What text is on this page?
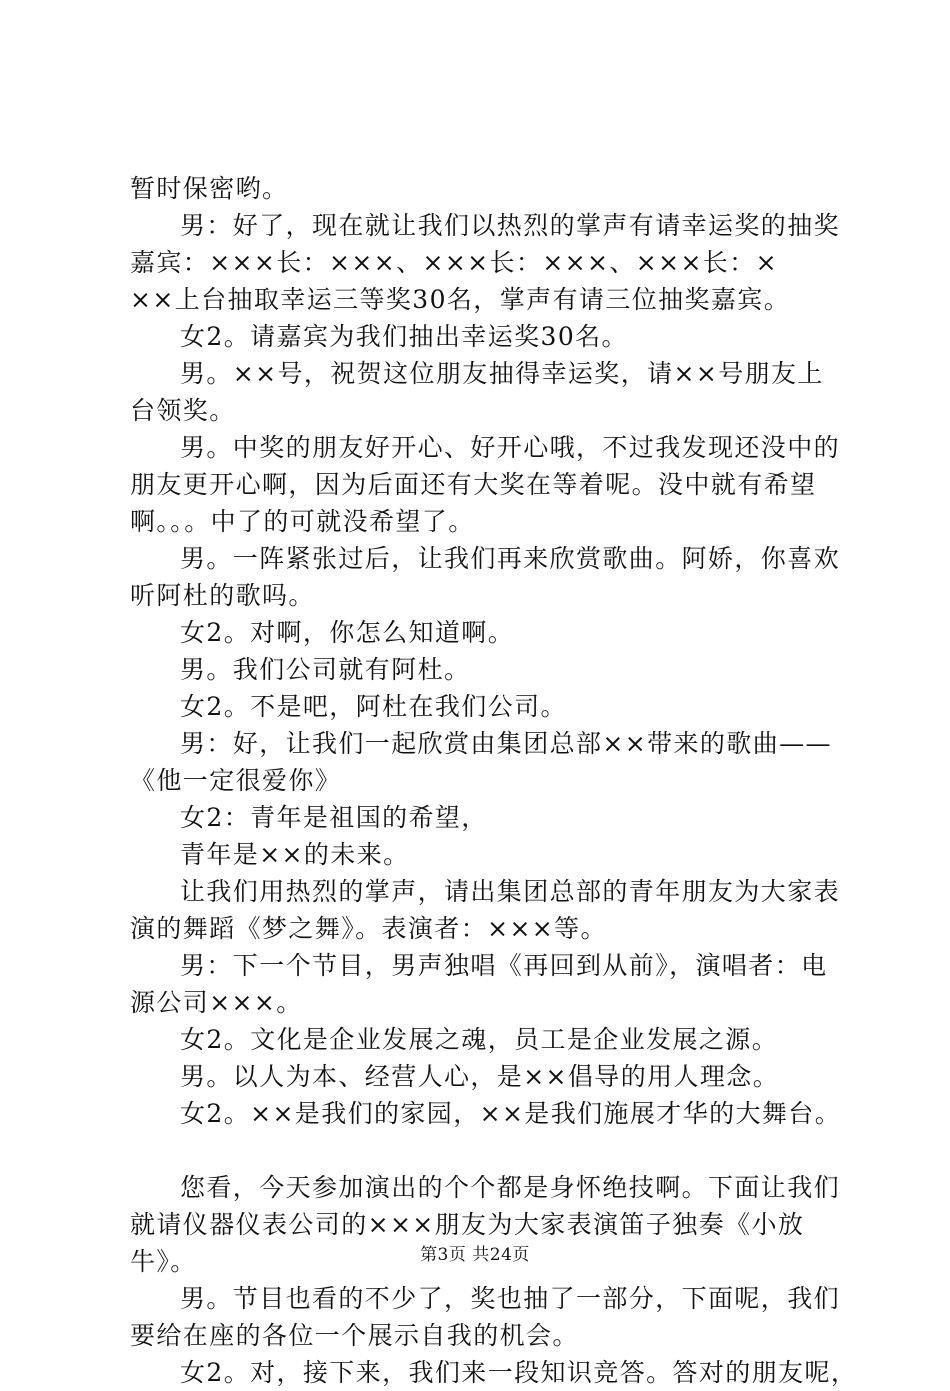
暂时保密哟。
男：好了，现在就让我们以热烈的掌声有请幸运奖的抽奖
嘉宾：×××长：×××、×××长：×××、×××长：×
××上台抽取幸运三等奖30名，掌声有请三位抽奖嘉宾。
女2。请嘉宾为我们抽出幸运奖30名。
男。××号，祝贺这位朋友抽得幸运奖，请××号朋友上
台领奖。
男。中奖的朋友好开心、好开心哦，不过我发现还没中的
朋友更开心啊，因为后面还有大奖在等着呢。没中就有希望
啊。。。中了的可就没希望了。
男。一阵紧张过后，让我们再来欣赏歌曲。阿娇，你喜欢
听阿杜的歌吗。
女2。对啊，你怎么知道啊。
男。我们公司就有阿杜。
女2。不是吧，阿杜在我们公司。
男：好，让我们一起欣赏由集团总部××带来的歌曲——
《他一定很爱你》
女2：青年是祖国的希望，
青年是××的未来。
让我们用热烈的掌声，请出集团总部的青年朋友为大家表
演的舞蹈《梦之舞》。表演者：×××等。
男：下一个节目，男声独唱《再回到从前》，演唱者：电
源公司×××。
女2。文化是企业发展之魂，员工是企业发展之源。
男。以人为本、经营人心，是××倡导的用人理念。
女2。××是我们的家园，××是我们施展才华的大舞台。
您看，今天参加演出的个个都是身怀绝技啊。下面让我们
就请仪器仪表公司的×××朋友为大家表演笛子独奏《小放
牛》。
男。节目也看的不少了，奖也抽了一部分，下面呢，我们
要给在座的各位一个展示自我的机会。
女2。对，接下来，我们来一段知识竞答。答对的朋友呢，
第3页 共24页
